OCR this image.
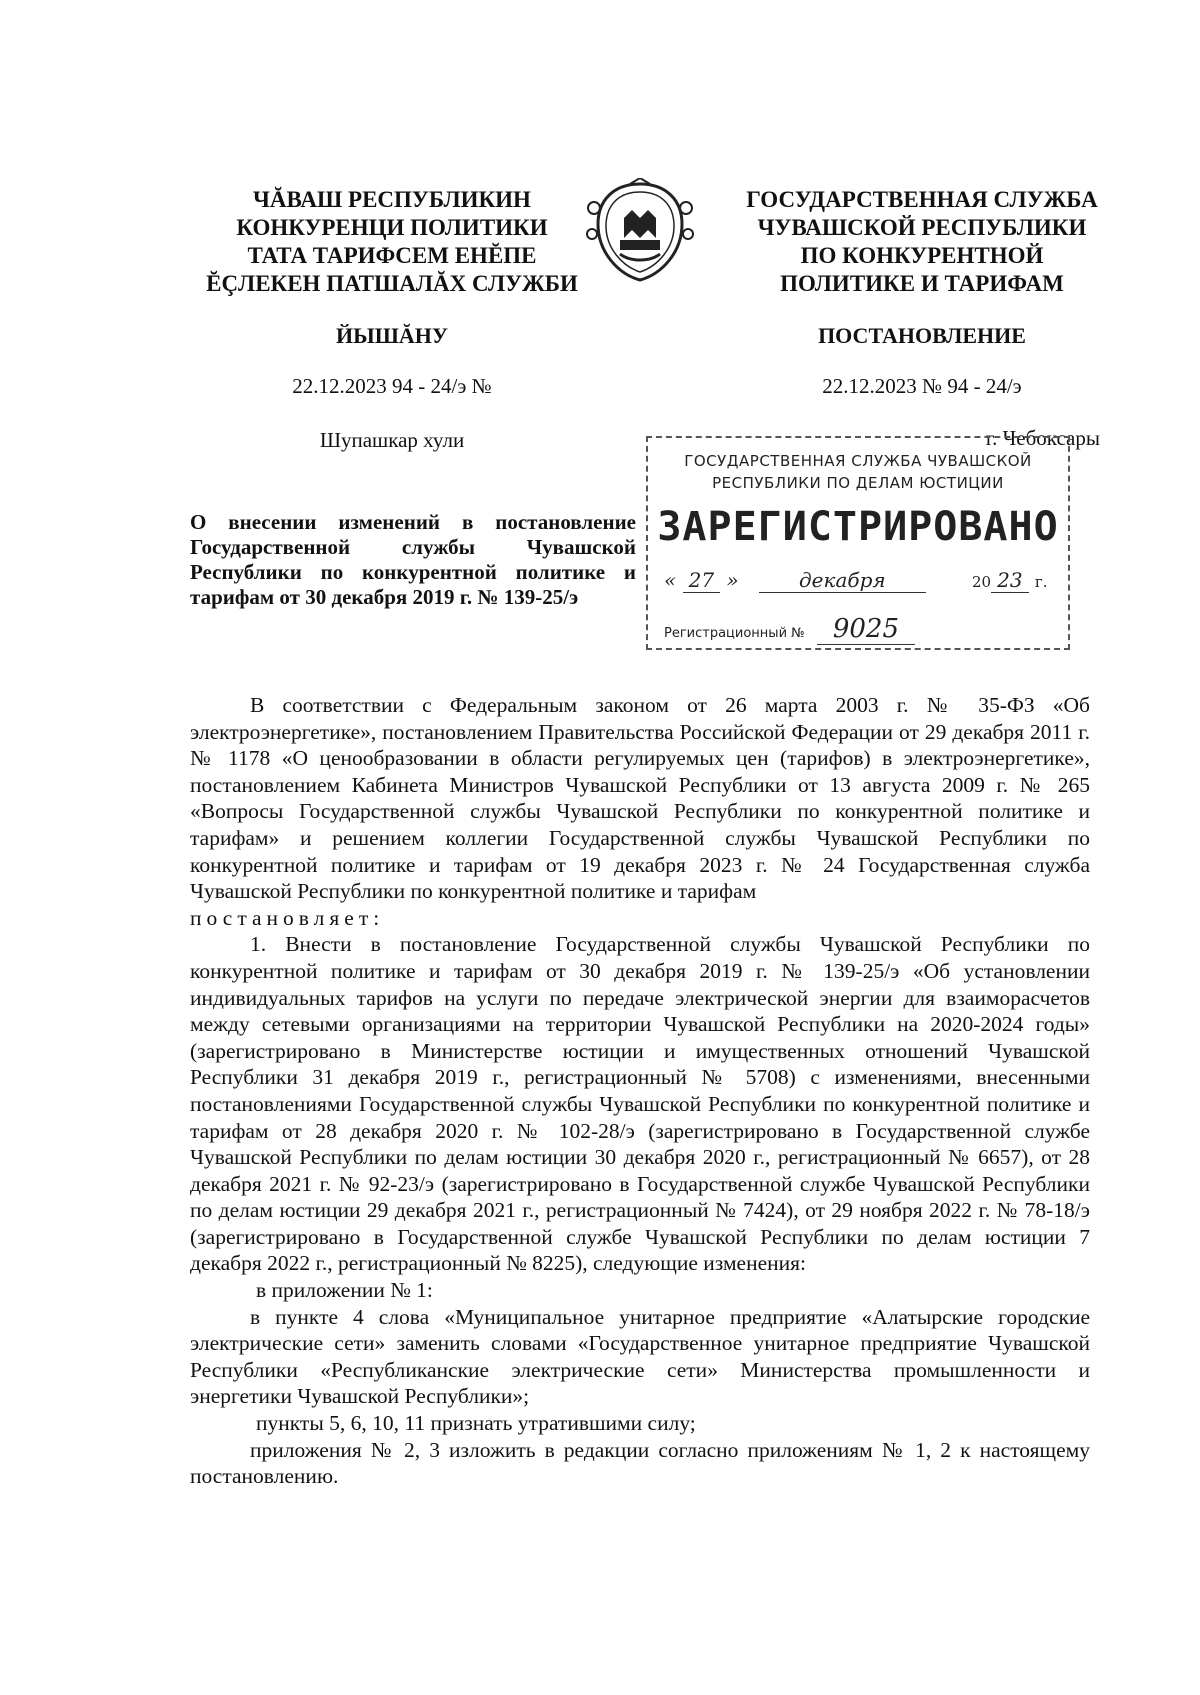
ЧĂВАШ РЕСПУБЛИКИН
КОНКУРЕНЦИ ПОЛИТИКИ
ТАТА ТАРИФСЕМ ЕНĔПЕ
ĔÇЛЕКЕН ПАТШАЛĂХ СЛУЖБИ
ГОСУДАРСТВЕННАЯ СЛУЖБА
ЧУВАШСКОЙ РЕСПУБЛИКИ
ПО КОНКУРЕНТНОЙ
ПОЛИТИКЕ И ТАРИФАМ
ЙЫШĂНУ	ПОСТАНОВЛЕНИЕ
22.12.2023 94 - 24/э №	22.12.2023 № 94 - 24/э
Шупашкар хули	г. Чебоксары
ГОСУДАРСТВЕННАЯ СЛУЖБА ЧУВАШСКОЙ
РЕСПУБЛИКИ ПО ДЕЛАМ ЮСТИЦИИ
ЗАРЕГИСТРИРОВАНО
« 27 »	декабря	20 23 г.
Регистрационный № 9025
О внесении изменений в постановление
Государственной службы Чувашской
Республики по конкурентной политике и
тарифам от 30 декабря 2019 г. № 139-25/э

В соответствии с Федеральным законом от 26 марта 2003 г. № 35-ФЗ «Об электроэнергетике», постановлением Правительства Российской Федерации от 29 декабря 2011 г. № 1178 «О ценообразовании в области регулируемых цен (тарифов) в электроэнергетике», постановлением Кабинета Министров Чувашской Республики от 13 августа 2009 г. № 265 «Вопросы Государственной службы Чувашской Республики по конкурентной политике и тарифам» и решением коллегии Государственной службы Чувашской Республики по конкурентной политике и тарифам от 19 декабря 2023 г. № 24 Государственная служба Чувашской Республики по конкурентной политике и тарифам

постановляет:

1. Внести в постановление Государственной службы Чувашской Республики по конкурентной политике и тарифам от 30 декабря 2019 г. № 139-25/э «Об установлении индивидуальных тарифов на услуги по передаче электрической энергии для взаиморасчетов между сетевыми организациями на территории Чувашской Республики на 2020-2024 годы» (зарегистрировано в Министерстве юстиции и имущественных отношений Чувашской Республики 31 декабря 2019 г., регистрационный № 5708) с изменениями, внесенными постановлениями Государственной службы Чувашской Республики по конкурентной политике и тарифам от 28 декабря 2020 г. № 102-28/э (зарегистрировано в Государственной службе Чувашской Республики по делам юстиции 30 декабря 2020 г., регистрационный № 6657), от 28 декабря 2021 г. № 92-23/э (зарегистрировано в Государственной службе Чувашской Республики по делам юстиции 29 декабря 2021 г., регистрационный № 7424), от 29 ноября 2022 г. № 78-18/э (зарегистрировано в Государственной службе Чувашской Республики по делам юстиции 7 декабря 2022 г., регистрационный № 8225), следующие изменения:

в приложении № 1:

в пункте 4 слова «Муниципальное унитарное предприятие «Алатырские городские электрические сети» заменить словами «Государственное унитарное предприятие Чувашской Республики «Республиканские электрические сети» Министерства промышленности и энергетики Чувашской Республики»;

пункты 5, 6, 10, 11 признать утратившими силу;

приложения № 2, 3 изложить в редакции согласно приложениям № 1, 2 к настоящему постановлению.
